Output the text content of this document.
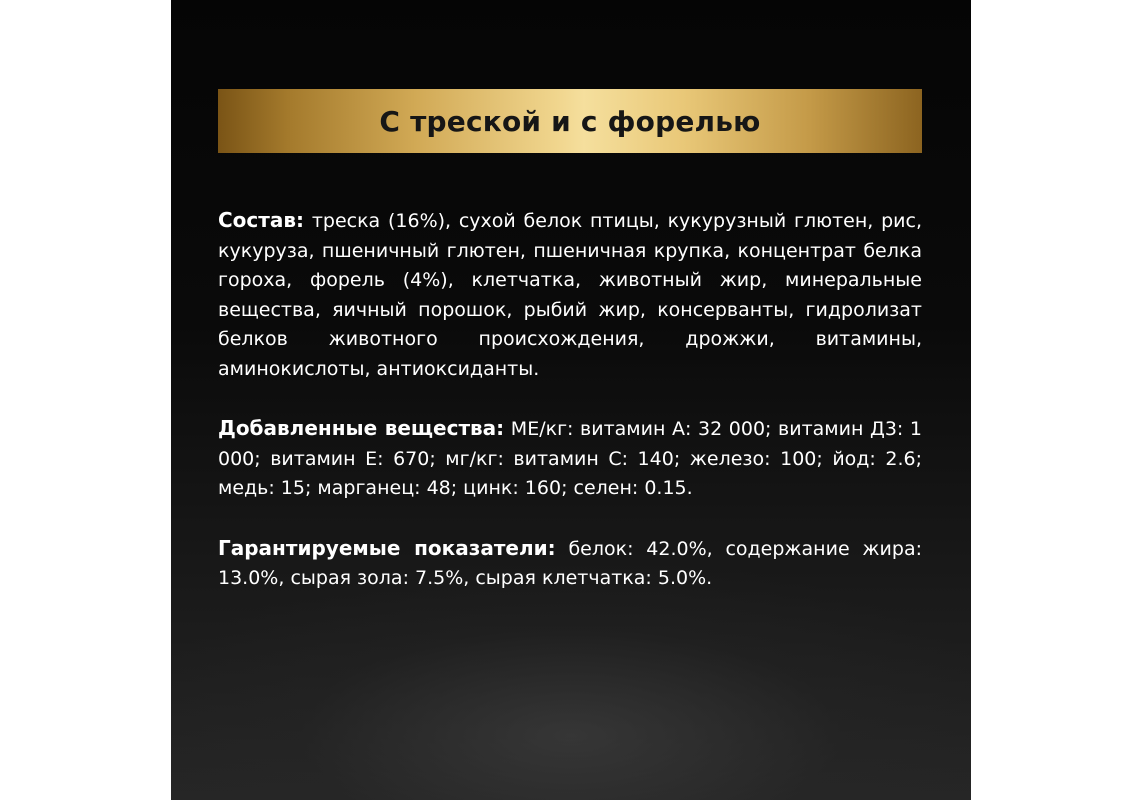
С треской и с форелью

Состав: треска (16%), сухой белок птицы, кукурузный глютен, рис, кукуруза, пшеничный глютен, пшеничная крупка, концентрат белка гороха, форель (4%), клетчатка, животный жир, минеральные вещества, яичный порошок, рыбий жир, консерванты, гидролизат белков животного происхождения, дрожжи, витамины, аминокислоты, антиоксиданты.

Добавленные вещества: МЕ/кг: витамин А: 32 000; витамин Д3: 1 000; витамин Е: 670; мг/кг: витамин С: 140; железо: 100; йод: 2.6; медь: 15; марганец: 48; цинк: 160; селен: 0.15.

Гарантируемые показатели: белок: 42.0%, содержание жира: 13.0%, сырая зола: 7.5%, сырая клетчатка: 5.0%.
